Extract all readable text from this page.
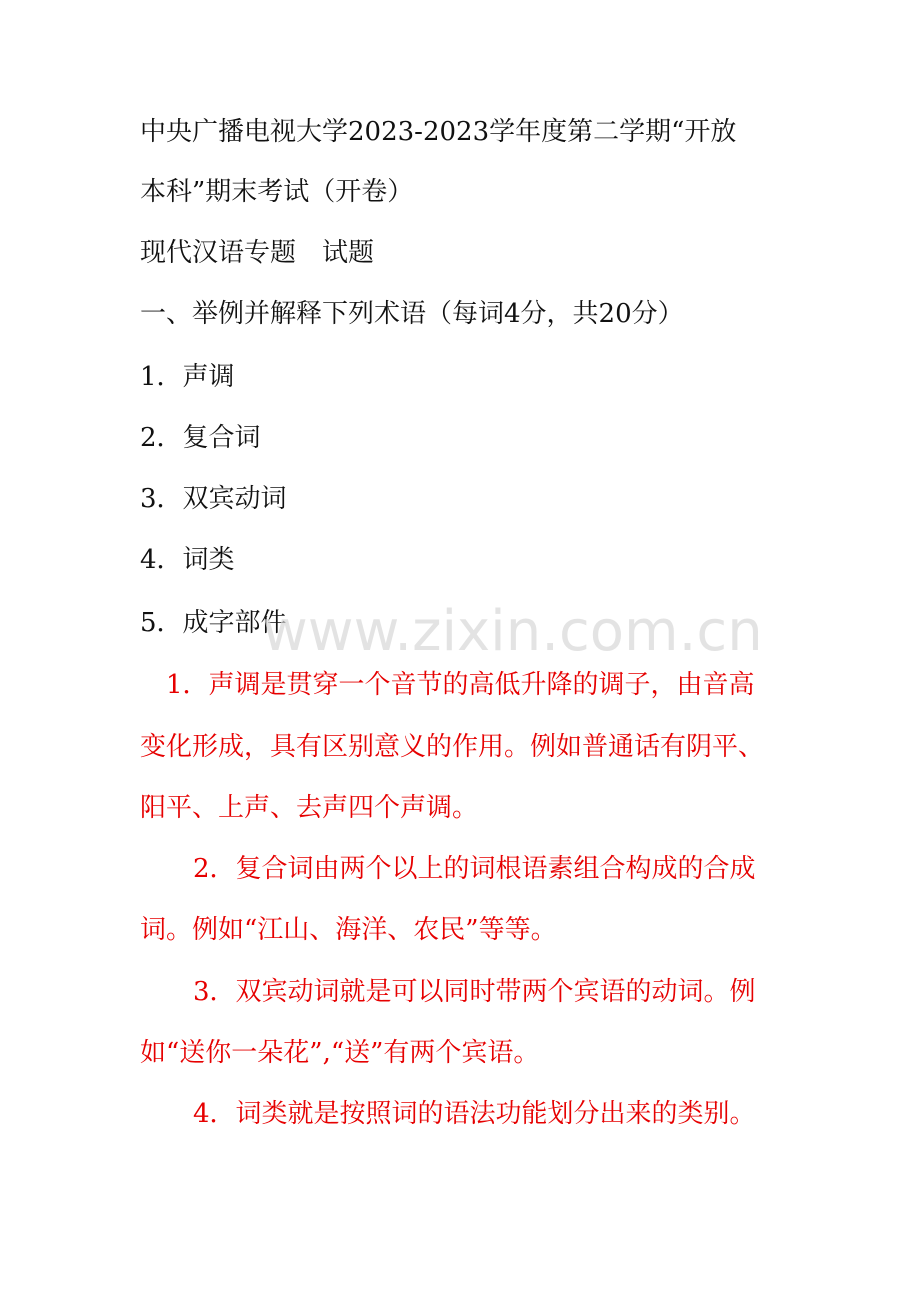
中央广播电视大学2023-2023学年度第二学期“开放
本科”期末考试（开卷）
现代汉语专题　试题
一、举例并解释下列术语（每词4分，共20分）
1．声调
2．复合词
3．双宾动词
4．词类
5．成字部件
www.zixin.com.cn
1．声调是贯穿一个音节的高低升降的调子，由音高
变化形成，具有区别意义的作用。例如普通话有阴平、
阳平、上声、去声四个声调。
2．复合词由两个以上的词根语素组合构成的合成
词。例如“江山、海洋、农民”等等。
3．双宾动词就是可以同时带两个宾语的动词。例
如“送你一朵花”,“送”有两个宾语。
4．词类就是按照词的语法功能划分出来的类别。
